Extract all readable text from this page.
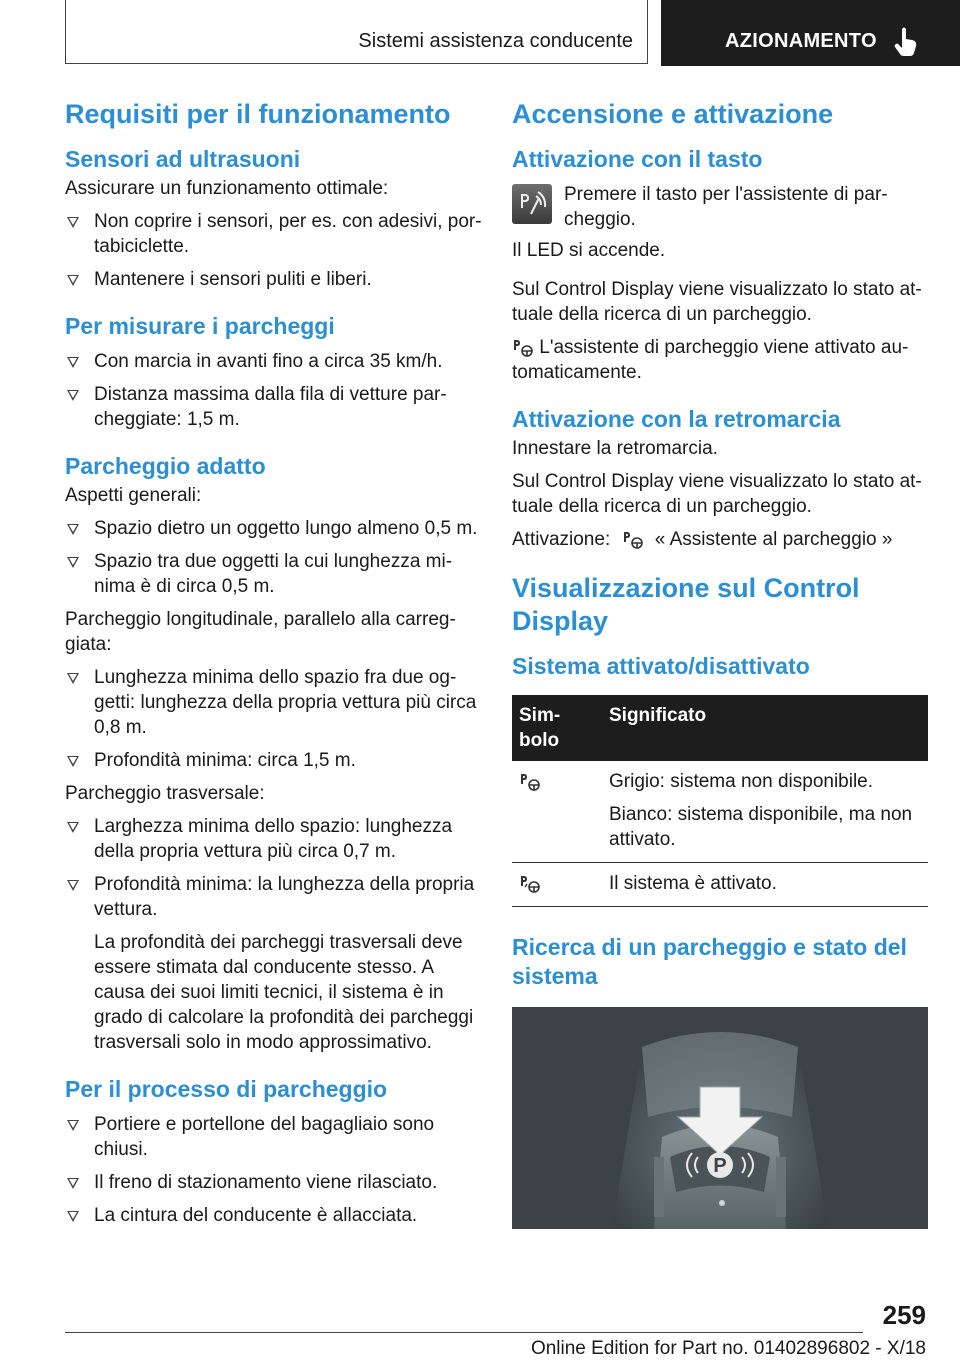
Sistemi assistenza conducente	AZIONAMENTO
Requisiti per il funzionamento
Sensori ad ultrasuoni

Assicurare un funzionamento ottimale:

Non coprire i sensori, per es. con adesivi, por-tabiciclette.
Mantenere i sensori puliti e liberi.
Per misurare i parcheggi
Con marcia in avanti fino a circa 35 km/h.
Distanza massima dalla fila di vetture par-cheggiate: 1,5 m.
Parcheggio adatto

Aspetti generali:

Spazio dietro un oggetto lungo almeno 0,5 m.
Spazio tra due oggetti la cui lunghezza mi-nima è di circa 0,5 m.

Parcheggio longitudinale, parallelo alla carreg-giata:

Lunghezza minima dello spazio fra due og-getti: lunghezza della propria vettura più circa 0,8 m.
Profondità minima: circa 1,5 m.

Parcheggio trasversale:

Larghezza minima dello spazio: lunghezza della propria vettura più circa 0,7 m.
Profondità minima: la lunghezza della propria vettura.
La profondità dei parcheggi trasversali deve essere stimata dal conducente stesso. A causa dei suoi limiti tecnici, il sistema è in grado di calcolare la profondità dei parcheggi trasversali solo in modo approssimativo.
Per il processo di parcheggio
Portiere e portellone del bagagliaio sono chiusi.
Il freno di stazionamento viene rilasciato.
La cintura del conducente è allacciata.
Accensione e attivazione
Attivazione con il tasto

Premere il tasto per l'assistente di par-cheggio.

Il LED si accende.

Sul Control Display viene visualizzato lo stato at-tuale della ricerca di un parcheggio.

L'assistente di parcheggio viene attivato au-tomaticamente.

Attivazione con la retromarcia

Innestare la retromarcia.

Sul Control Display viene visualizzato lo stato at-tuale della ricerca di un parcheggio.

Attivazione: « Assistente al parcheggio »

Visualizzazione sul Control Display
Sistema attivato/disattivato
Sim-bolo	Significato

Grigio: sistema non disponibile.

Bianco: sistema disponibile, ma non attivato.

Il sistema è attivato.

Ricerca di un parcheggio e stato del sistema
P
259
Online Edition for Part no. 01402896802 - X/18
